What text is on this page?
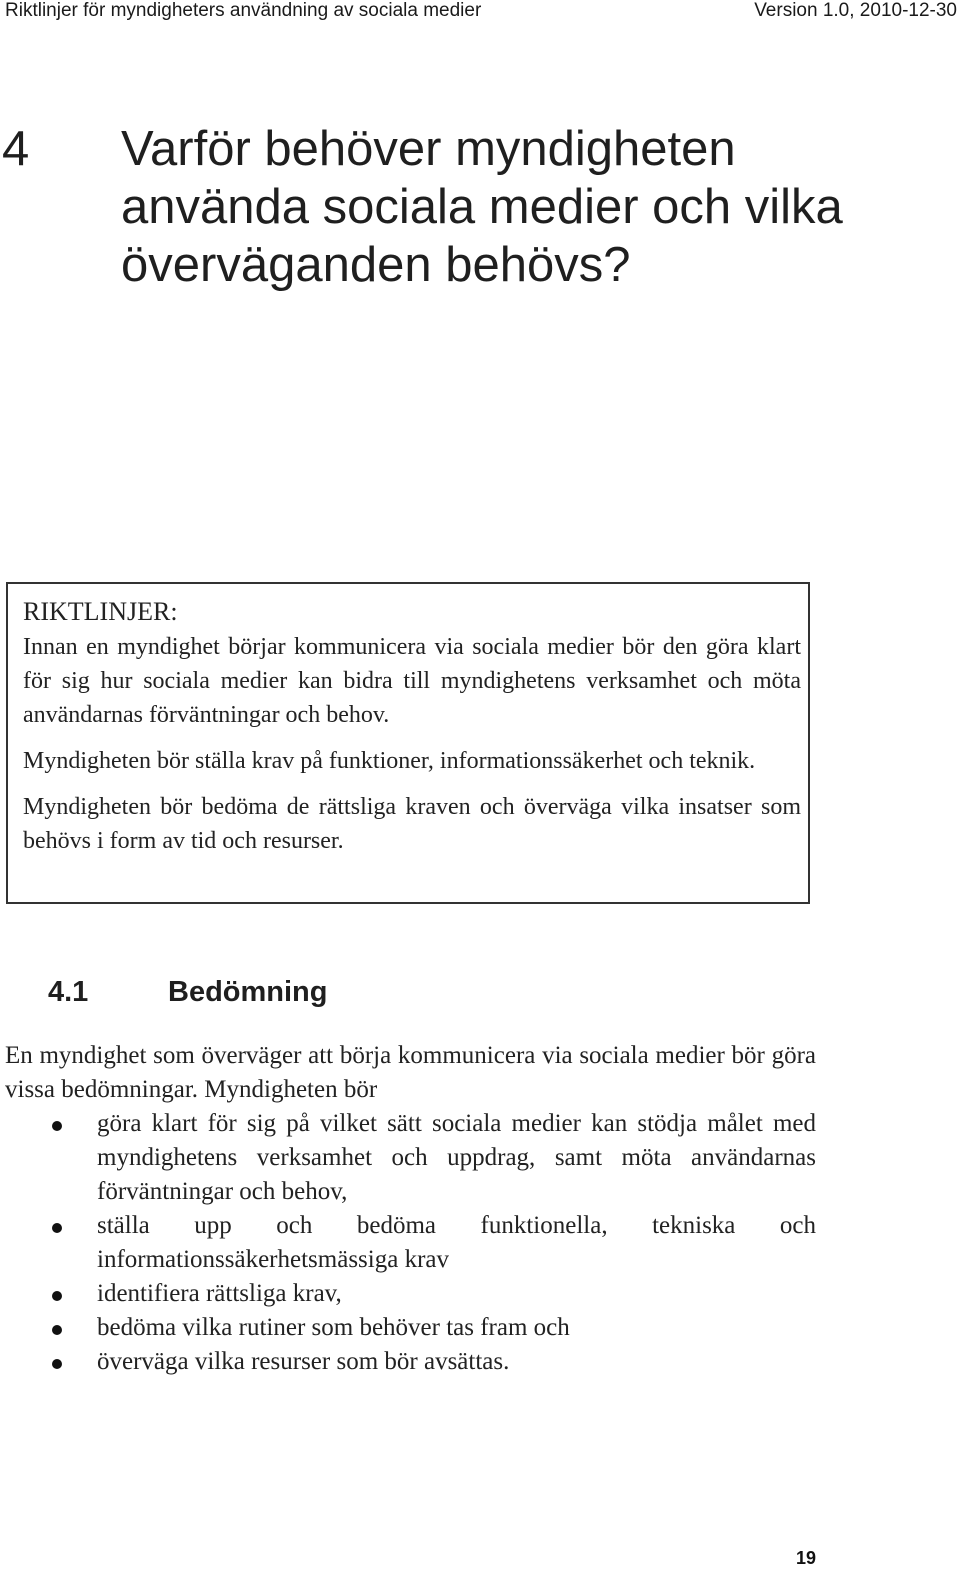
Riktlinjer för myndigheters användning av sociala medier	Version 1.0, 2010-12-30
4 Varför behöver myndigheten använda sociala medier och vilka överväganden behövs?

RIKTLINJER:
Innan en myndighet börjar kommunicera via sociala medier bör den göra klart för sig hur sociala medier kan bidra till myndighetens verksamhet och möta användarnas förväntningar och behov.

Myndigheten bör ställa krav på funktioner, informationssäkerhet och teknik.

Myndigheten bör bedöma de rättsliga kraven och överväga vilka insatser som behövs i form av tid och resurser.

4.1	Bedömning

En myndighet som överväger att börja kommunicera via sociala medier bör göra vissa bedömningar. Myndigheten bör

göra klart för sig på vilket sätt sociala medier kan stödja målet med myndighetens verksamhet och uppdrag, samt möta användarnas förväntningar och behov,
ställa upp och bedöma funktionella, tekniska och informationssäkerhetsmässiga krav
identifiera rättsliga krav,
bedöma vilka rutiner som behöver tas fram och
överväga vilka resurser som bör avsättas.
19
